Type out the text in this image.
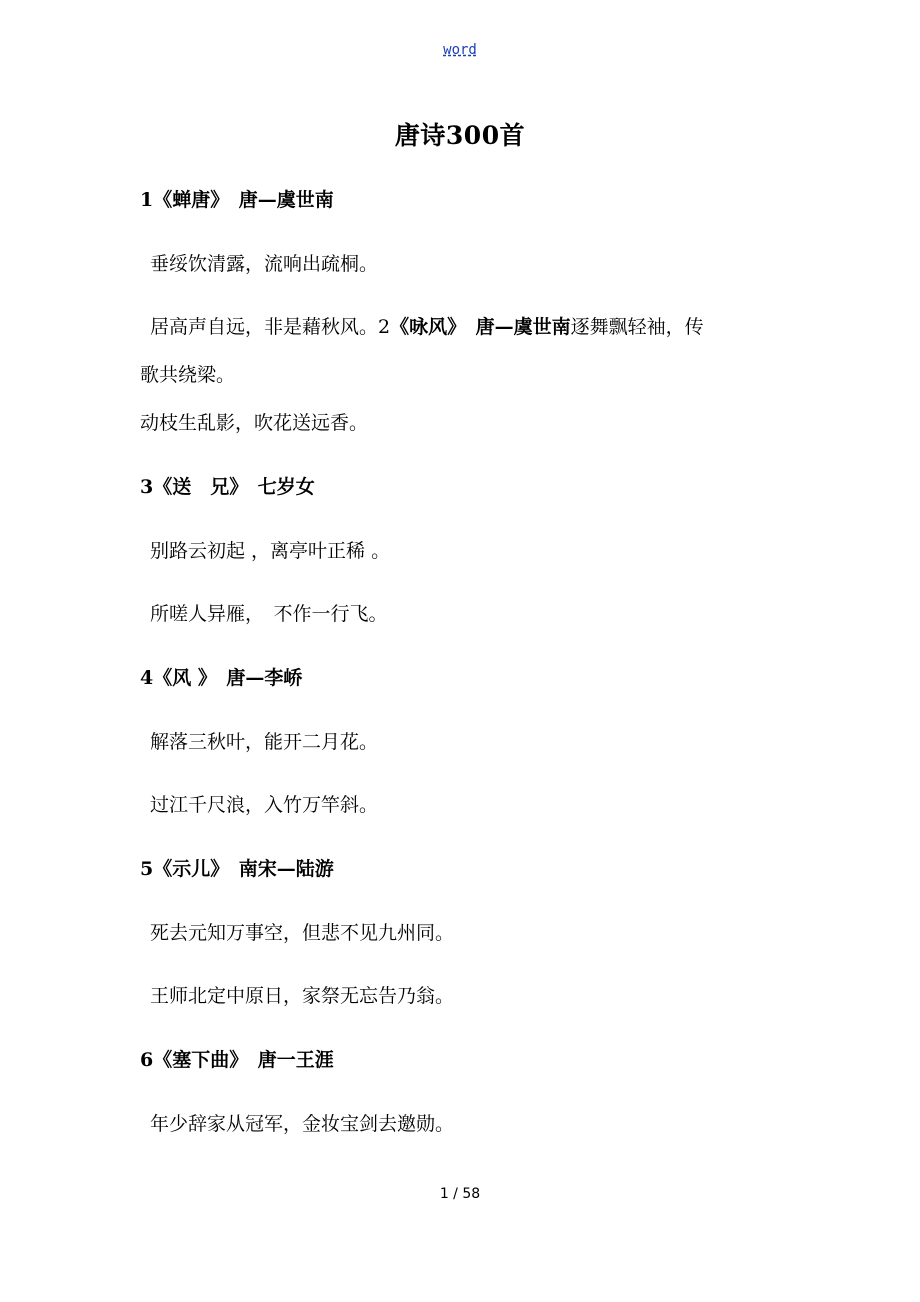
word
唐诗300首
1《蝉唐》　唐—虞世南
垂绥饮清露，流响出疏桐。
居高声自远，非是藉秋风。2《咏风》　唐—虞世南逐舞飘轻袖，传
歌共绕梁。
动枝生乱影，吹花送远香。
3《送　兄》　七岁女
别路云初起 ，离亭叶正稀 。
所嗟人异雁，　不作一行飞。
4《风 》　唐—李峤
解落三秋叶，能开二月花。
过江千尺浪，入竹万竿斜。
5《示儿》　南宋—陆游
死去元知万事空，但悲不见九州同。
王师北定中原日，家祭无忘告乃翁。
6《塞下曲》　唐一王涯
年少辞家从冠军，金妆宝剑去邀勋。
1 / 58
